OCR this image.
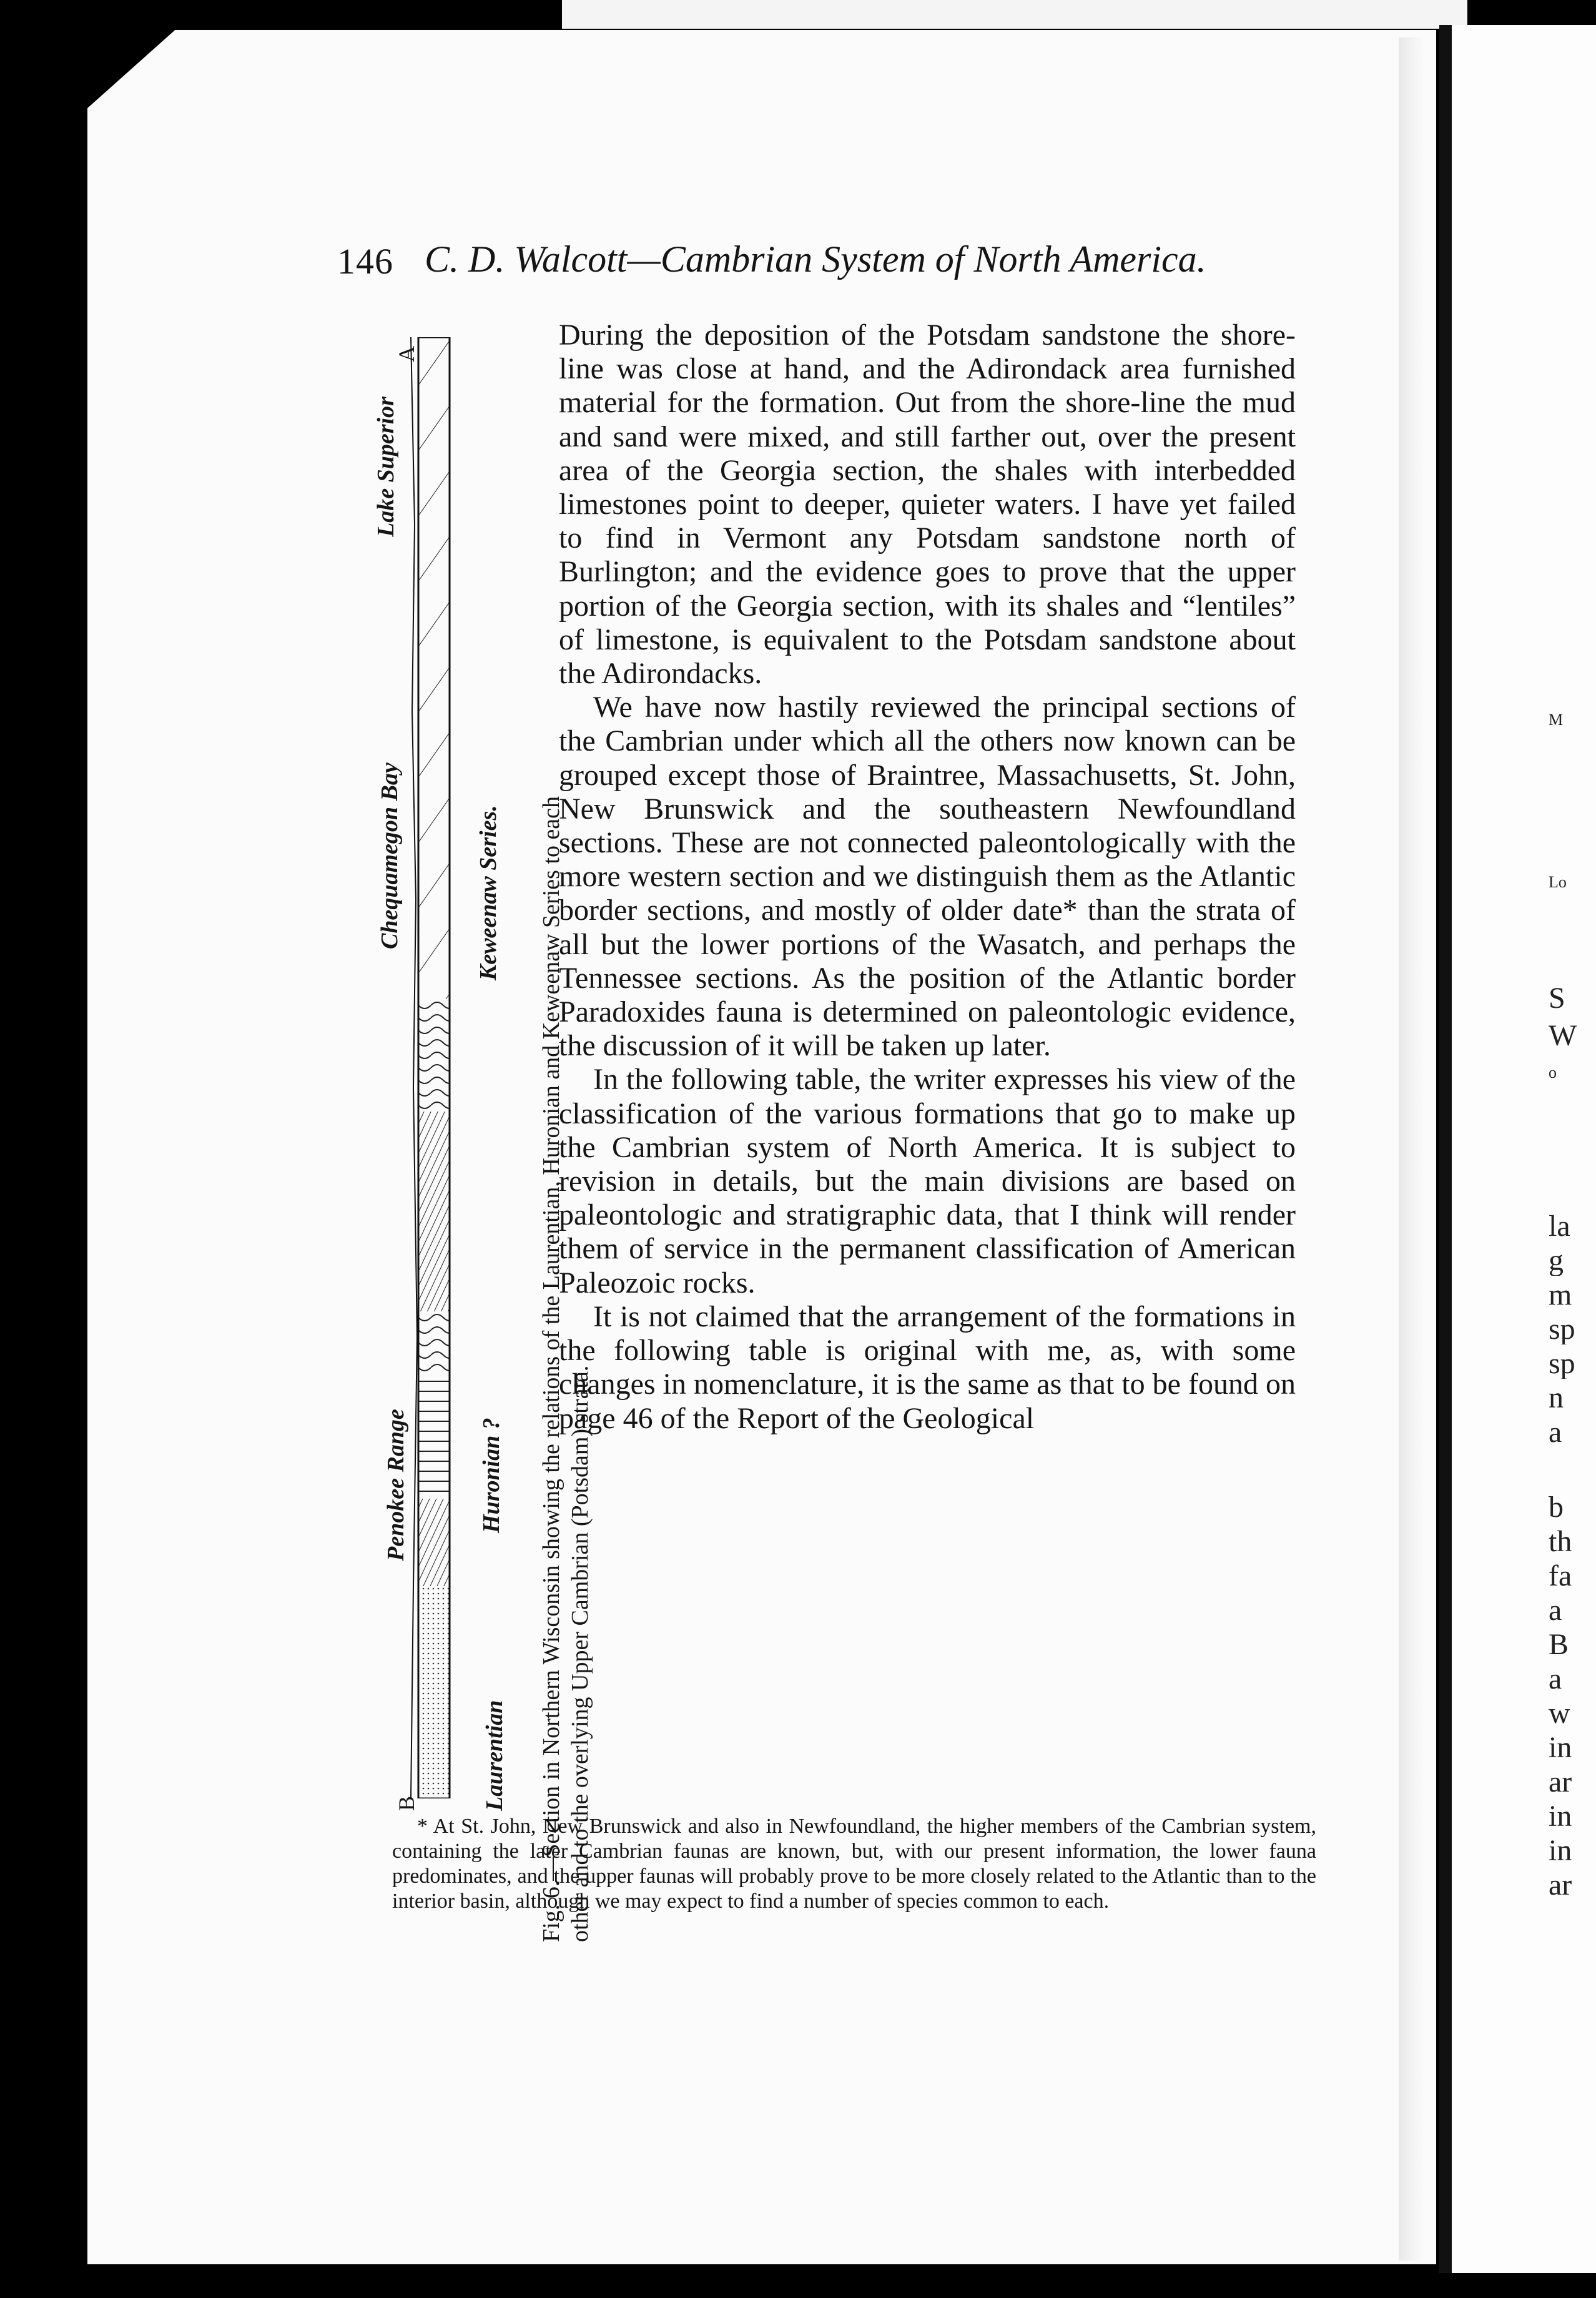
M
Lo
S
W
o
la
g
m
sp
sp
n
a
b
th
fa
a
B
a
w
in
ar
in
in
ar
146 C. D. Walcott—Cambrian System of North America.
A
B
Lake Superior
Chequamegon Bay
Penokee Range
Keweenaw Series.
Huronian ?
Laurentian Fig. 6.—Section in Northern Wisconsin showing the relations of the Laurentian, Huronian and Keweenaw Series to each other and to the overlying Upper Cambrian (Potsdam) strata.

During the deposition of the Potsdam sandstone the shore-line was close at hand, and the Adirondack area furnished material for the formation. Out from the shore-line the mud and sand were mixed, and still farther out, over the present area of the Georgia section, the shales with interbedded limestones point to deeper, quieter waters. I have yet failed to find in Vermont any Potsdam sandstone north of Burlington; and the evidence goes to prove that the upper portion of the Georgia section, with its shales and “lentiles” of limestone, is equivalent to the Potsdam sandstone about the Adirondacks.

We have now hastily reviewed the principal sections of the Cambrian under which all the others now known can be grouped except those of Braintree, Massachusetts, St. John, New Brunswick and the southeastern Newfoundland sections. These are not connected paleontologically with the more western section and we distinguish them as the Atlantic border sections, and mostly of older date* than the strata of all but the lower portions of the Wasatch, and perhaps the Tennessee sections. As the position of the Atlantic border Paradoxides fauna is determined on paleontologic evidence, the discussion of it will be taken up later.

In the following table, the writer expresses his view of the classification of the various formations that go to make up the Cambrian system of North America. It is subject to revision in details, but the main divisions are based on paleontologic and stratigraphic data, that I think will render them of service in the permanent classification of American Paleozoic rocks.

It is not claimed that the arrangement of the formations in the following table is original with me, as, with some changes in nomenclature, it is the same as that to be found on page 46 of the Report of the Geological

* At St. John, New Brunswick and also in Newfoundland, the higher members of the Cambrian system, containing the later Cambrian faunas are known, but, with our present information, the lower fauna predominates, and the upper faunas will probably prove to be more closely related to the Atlantic than to the interior basin, although we may expect to find a number of species common to each.
